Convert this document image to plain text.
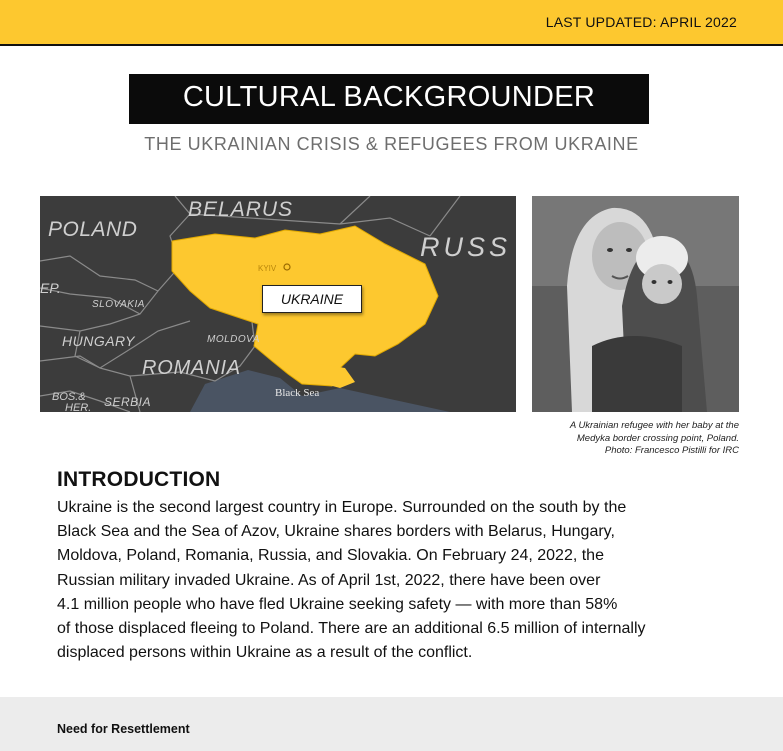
LAST UPDATED: APRIL 2022
CULTURAL BACKGROUNDER
THE UKRAINIAN CRISIS & REFUGEES FROM UKRAINE
BELARUS
POLAND
RUSS
EP.
SLOVAKIA
HUNGARY	MOLDOVA
ROMANIA
BOS.&
HER. SERBIA
Black Sea
KYIV
UKRAINE
A Ukrainian refugee with her baby at the
Medyka border crossing point, Poland.
Photo: Francesco Pistilli for IRC
INTRODUCTION
Ukraine is the second largest country in Europe. Surrounded on the south by the
Black Sea and the Sea of Azov, Ukraine shares borders with Belarus, Hungary,
Moldova, Poland, Romania, Russia, and Slovakia. On February 24, 2022, the
Russian military invaded Ukraine. As of April 1st, 2022, there have been over
4.1 million people who have fled Ukraine seeking safety — with more than 58%
of those displaced fleeing to Poland. There are an additional 6.5 million of internally
displaced persons within Ukraine as a result of the conflict.
Need for Resettlement
